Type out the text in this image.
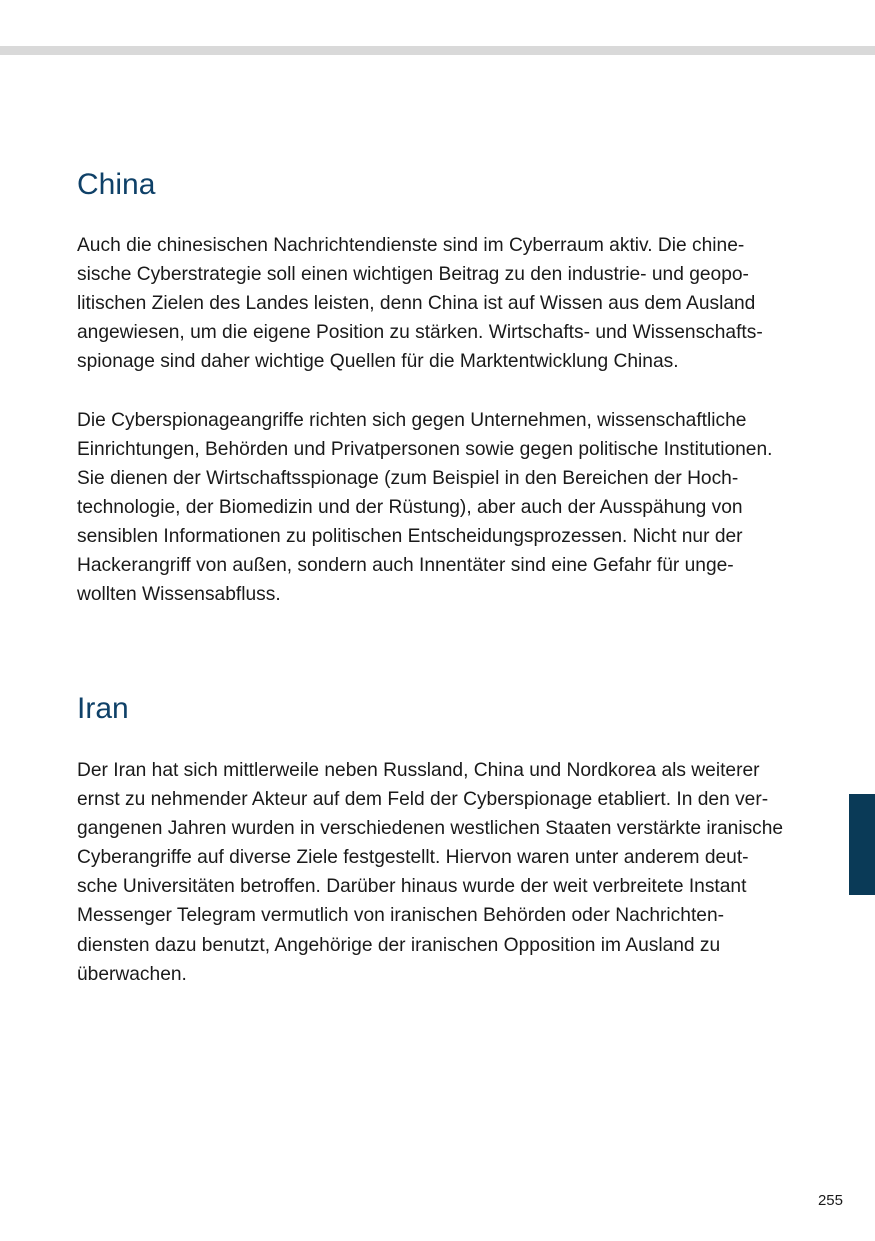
China

Auch die chinesischen Nachrichtendienste sind im Cyberraum aktiv. Die chine-
sische Cyberstrategie soll einen wichtigen Beitrag zu den industrie- und geopo-
litischen Zielen des Landes leisten, denn China ist auf Wissen aus dem Ausland
angewiesen, um die eigene Position zu stärken. Wirtschafts- und Wissenschafts-
spionage sind daher wichtige Quellen für die Marktentwicklung Chinas.

Die Cyberspionageangriffe richten sich gegen Unternehmen, wissenschaftliche
Einrichtungen, Behörden und Privatpersonen sowie gegen politische Institutionen.
Sie dienen der Wirtschaftsspionage (zum Beispiel in den Bereichen der Hoch-
technologie, der Biomedizin und der Rüstung), aber auch der Ausspähung von
sensiblen Informationen zu politischen Entscheidungsprozessen. Nicht nur der
Hackerangriff von außen, sondern auch Innentäter sind eine Gefahr für unge-
wollten Wissensabfluss.

Iran

Der Iran hat sich mittlerweile neben Russland, China und Nordkorea als weiterer
ernst zu nehmender Akteur auf dem Feld der Cyberspionage etabliert. In den ver-
gangenen Jahren wurden in verschiedenen westlichen Staaten verstärkte iranische
Cyberangriffe auf diverse Ziele festgestellt. Hiervon waren unter anderem deut-
sche Universitäten betroffen. Darüber hinaus wurde der weit verbreitete Instant
Messenger Telegram vermutlich von iranischen Behörden oder Nachrichten-
diensten dazu benutzt, Angehörige der iranischen Opposition im Ausland zu
überwachen.

255
